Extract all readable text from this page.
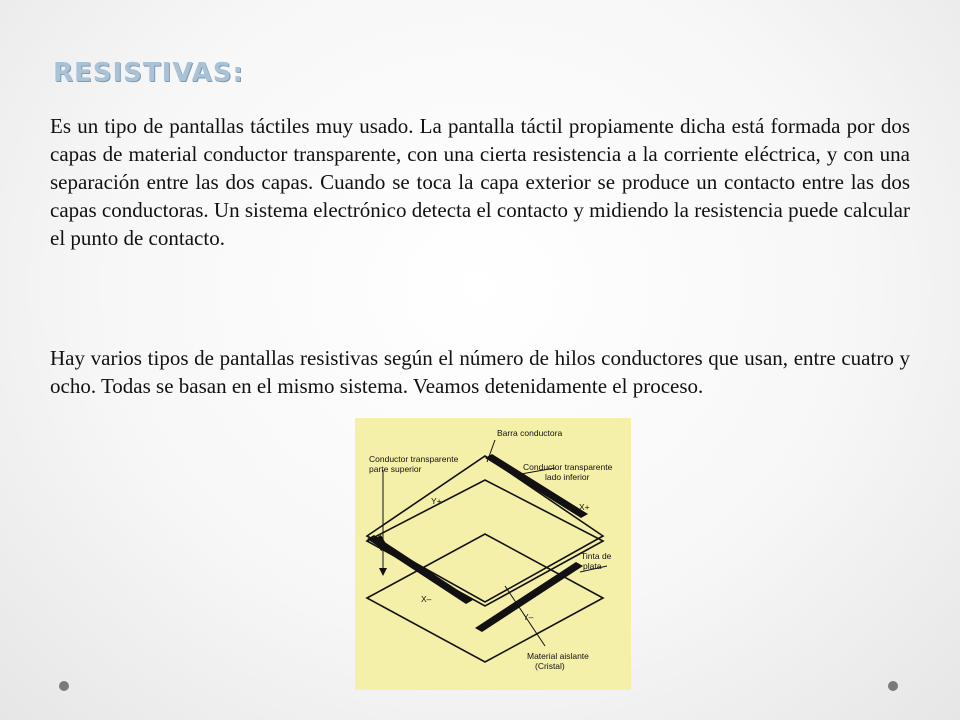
RESISTIVAS:

Es un tipo de pantallas táctiles muy usado. La pantalla táctil propiamente dicha está formada por dos capas de material conductor transparente, con una cierta resistencia a la corriente eléctrica, y con una separación entre las dos capas. Cuando se toca la capa exterior se produce un contacto entre las dos capas conductoras. Un sistema electrónico detecta el contacto y midiendo la resistencia puede calcular el punto de contacto.

Hay varios tipos de pantallas resistivas según el número de hilos conductores que usan, entre cuatro y ocho. Todas se basan en el mismo sistema. Veamos detenidamente el proceso.

Barra conductora
Conductor transparente
parte superior	Conductor transparente
lado inferior
Tinta de
plata
Material aislante
(Cristal)
Y+
X+
X–
Y–
